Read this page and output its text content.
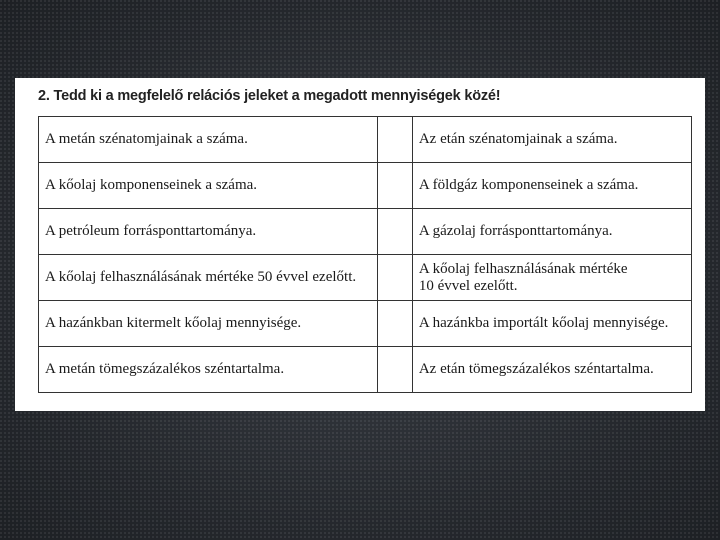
2. Tedd ki a megfelelő relációs jeleket a megadott mennyiségek közé!
A metán szénatomjainak a száma.		Az etán szénatomjainak a száma.

A kőolaj komponenseinek a száma.		A földgáz komponenseinek a száma.

A petróleum forrásponttartománya.		A gázolaj forrásponttartománya.

A kőolaj felhasználásának mértéke 50 évvel ezelőtt.		A kőolaj felhasználásának mértéke
10 évvel ezelőtt.

A hazánkban kitermelt kőolaj mennyisége.		A hazánkba importált kőolaj mennyisége.

A metán tömegszázalékos széntartalma.		Az etán tömegszázalékos széntartalma.
